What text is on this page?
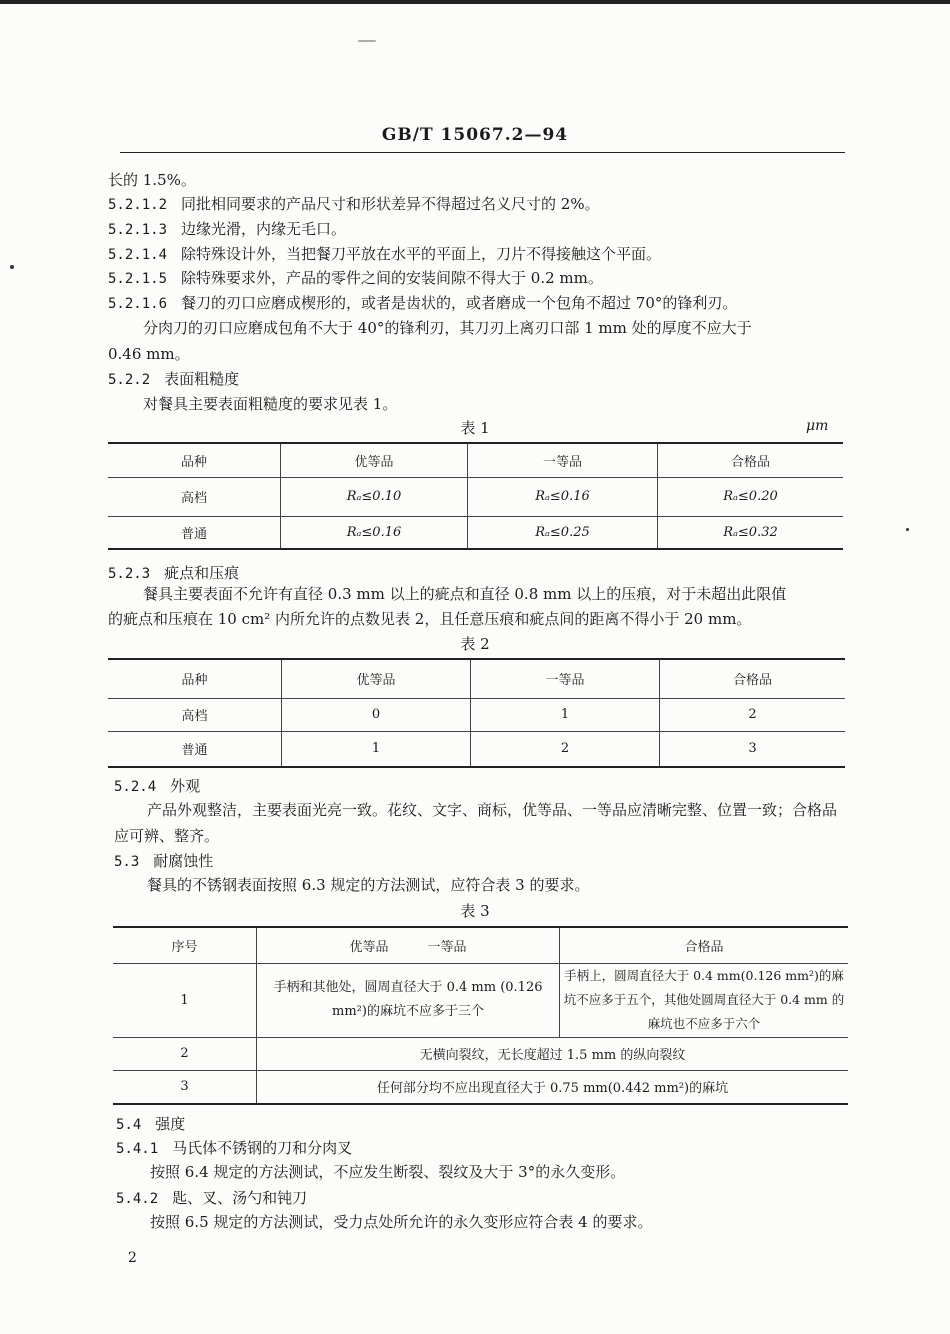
GB/T 15067.2—94
长的 1.5%。
5.2.1.2 同批相同要求的产品尺寸和形状差异不得超过名义尺寸的 2%。
5.2.1.3 边缘光滑，内缘无毛口。
5.2.1.4 除特殊设计外，当把餐刀平放在水平的平面上，刀片不得接触这个平面。
5.2.1.5 除特殊要求外，产品的零件之间的安装间隙不得大于 0.2 mm。
5.2.1.6 餐刀的刃口应磨成楔形的，或者是齿状的，或者磨成一个包角不超过 70°的锋利刃。
分肉刀的刃口应磨成包角不大于 40°的锋利刃，其刀刃上离刃口部 1 mm 处的厚度不应大于
0.46 mm。
5.2.2 表面粗糙度
对餐具主要表面粗糙度的要求见表 1。
表 1	μm
品种	优等品	一等品	合格品
高档	Rₐ≤0.10	Rₐ≤0.16	Rₐ≤0.20
普通	Rₐ≤0.16	Rₐ≤0.25	Rₐ≤0.32
5.2.3 疵点和压痕
餐具主要表面不允许有直径 0.3 mm 以上的疵点和直径 0.8 mm 以上的压痕，对于未超出此限值
的疵点和压痕在 10 cm² 内所允许的点数见表 2，且任意压痕和疵点间的距离不得小于 20 mm。
表 2
品种	优等品	一等品	合格品
高档	0	1	2
普通	1	2	3
5.2.4 外观
产品外观整洁，主要表面光亮一致。花纹、文字、商标，优等品、一等品应清晰完整、位置一致；合格品
应可辨、整齐。
5.3 耐腐蚀性
餐具的不锈钢表面按照 6.3 规定的方法测试，应符合表 3 的要求。
表 3
序号	优等品　　　一等品	合格品
1	手柄和其他处，圆周直径大于 0.4 mm (0.126 mm²)的麻坑不应多于三个	手柄上，圆周直径大于 0.4 mm(0.126 mm²)的麻坑不应多于五个，其他处圆周直径大于 0.4 mm 的麻坑也不应多于六个
2	无横向裂纹，无长度超过 1.5 mm 的纵向裂纹	
3	任何部分均不应出现直径大于 0.75 mm(0.442 mm²)的麻坑	
5.4 强度
5.4.1 马氏体不锈钢的刀和分肉叉
按照 6.4 规定的方法测试，不应发生断裂、裂纹及大于 3°的永久变形。
5.4.2 匙、叉、汤勺和钝刀
按照 6.5 规定的方法测试，受力点处所允许的永久变形应符合表 4 的要求。
2
